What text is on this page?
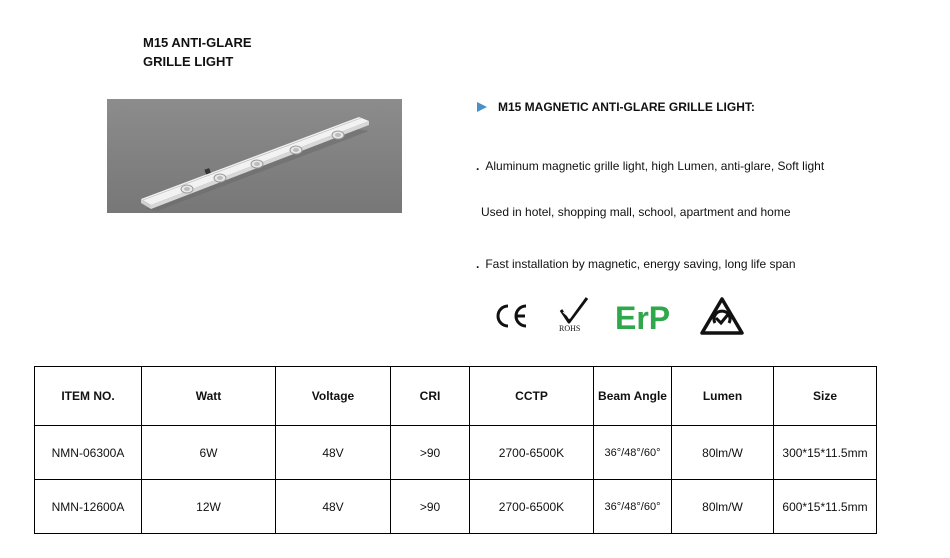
M15 ANTI-GLARE
GRILLE LIGHT
M15 MAGNETIC ANTI-GLARE GRILLE LIGHT:
. Aluminum magnetic grille light, high Lumen, anti-glare, Soft light
Used in hotel, shopping mall, school, apartment and home
. Fast installation by magnetic, energy saving, long life span
ROHS ErP
ITEM NO.	Watt	Voltage	CRI	CCTP	Beam Angle	Lumen	Size
NMN-06300A	6W	48V	>90	2700-6500K	36°/48°/60°	80lm/W	300*15*11.5mm
NMN-12600A	12W	48V	>90	2700-6500K	36°/48°/60°	80lm/W	600*15*11.5mm
